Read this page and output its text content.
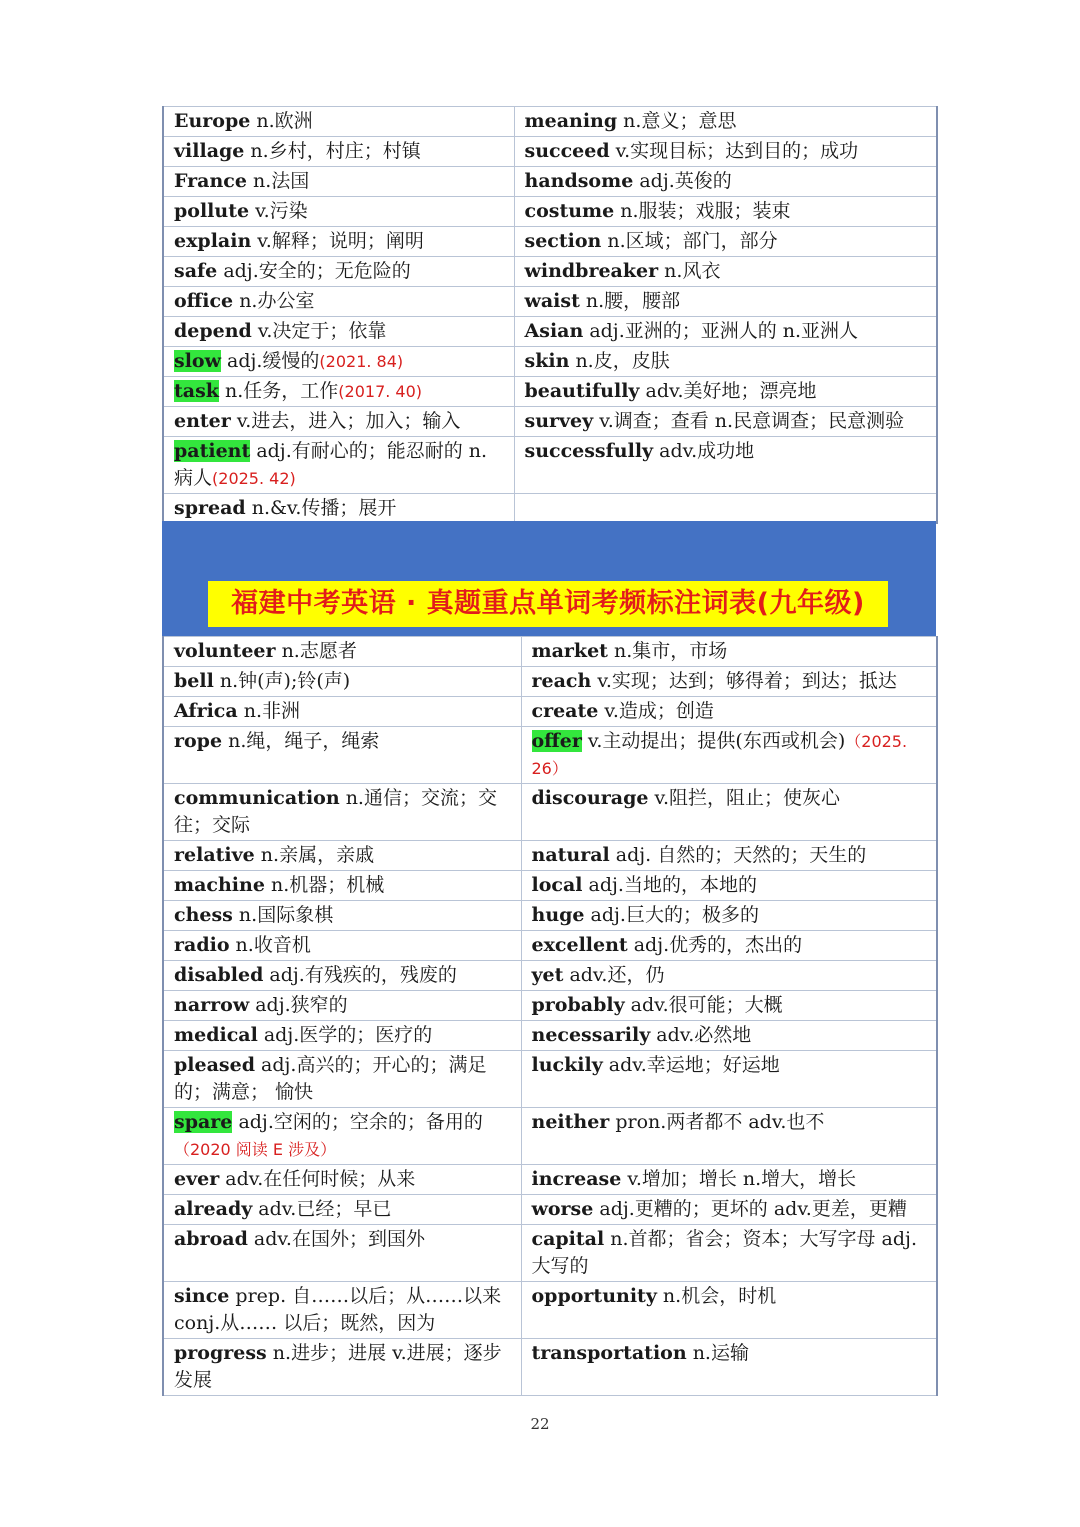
Europe n.欧洲	meaning n.意义；意思
village n.乡村，村庄；村镇	succeed v.实现目标；达到目的；成功
France n.法国	handsome adj.英俊的
pollute v.污染	costume n.服装；戏服；装束
explain v.解释；说明；阐明	section n.区域；部门，部分
safe adj.安全的；无危险的	windbreaker n.风衣
office n.办公室	waist n.腰，腰部
depend v.决定于；依靠	Asian adj.亚洲的；亚洲人的 n.亚洲人
slow adj.缓慢的(2021. 84)	skin n.皮，皮肤
task n.任务，工作(2017. 40)	beautifully adv.美好地；漂亮地
enter v.进去，进入；加入；输入	survey v.调查；查看 n.民意调查；民意测验
patient adj.有耐心的；能忍耐的 n.病人(2025. 42)	successfully adv.成功地
spread n.&v.传播；展开	
福建中考英语 · 真题重点单词考频标注词表(九年级)
volunteer n.志愿者	market n.集市，市场
bell n.钟(声);铃(声)	reach v.实现；达到；够得着；到达；抵达
Africa n.非洲	create v.造成；创造
rope n.绳，绳子，绳索	offer v.主动提出；提供(东西或机会)（2025. 26）
communication n.通信；交流；交往；交际	discourage v.阻拦，阻止；使灰心
relative n.亲属，亲戚	natural adj. 自然的；天然的；天生的
machine n.机器；机械	local adj.当地的，本地的
chess n.国际象棋	huge adj.巨大的；极多的
radio n.收音机	excellent adj.优秀的，杰出的
disabled adj.有残疾的，残废的	yet adv.还，仍
narrow adj.狭窄的	probably adv.很可能；大概
medical adj.医学的；医疗的	necessarily adv.必然地
pleased adj.高兴的；开心的；满足的；满意； 愉快	luckily adv.幸运地；好运地
spare adj.空闲的；空余的；备用的（2020 阅读 E 涉及）	neither pron.两者都不 adv.也不
ever adv.在任何时候；从来	increase v.增加；增长 n.增大，增长
already adv.已经；早已	worse adj.更糟的；更坏的 adv.更差，更糟
abroad adv.在国外；到国外	capital n.首都；省会；资本；大写字母 adj.大写的
since prep. 自……以后；从……以来 conj.从…… 以后；既然，因为	opportunity n.机会，时机
progress n.进步；进展 v.进展；逐步发展	transportation n.运输
22
